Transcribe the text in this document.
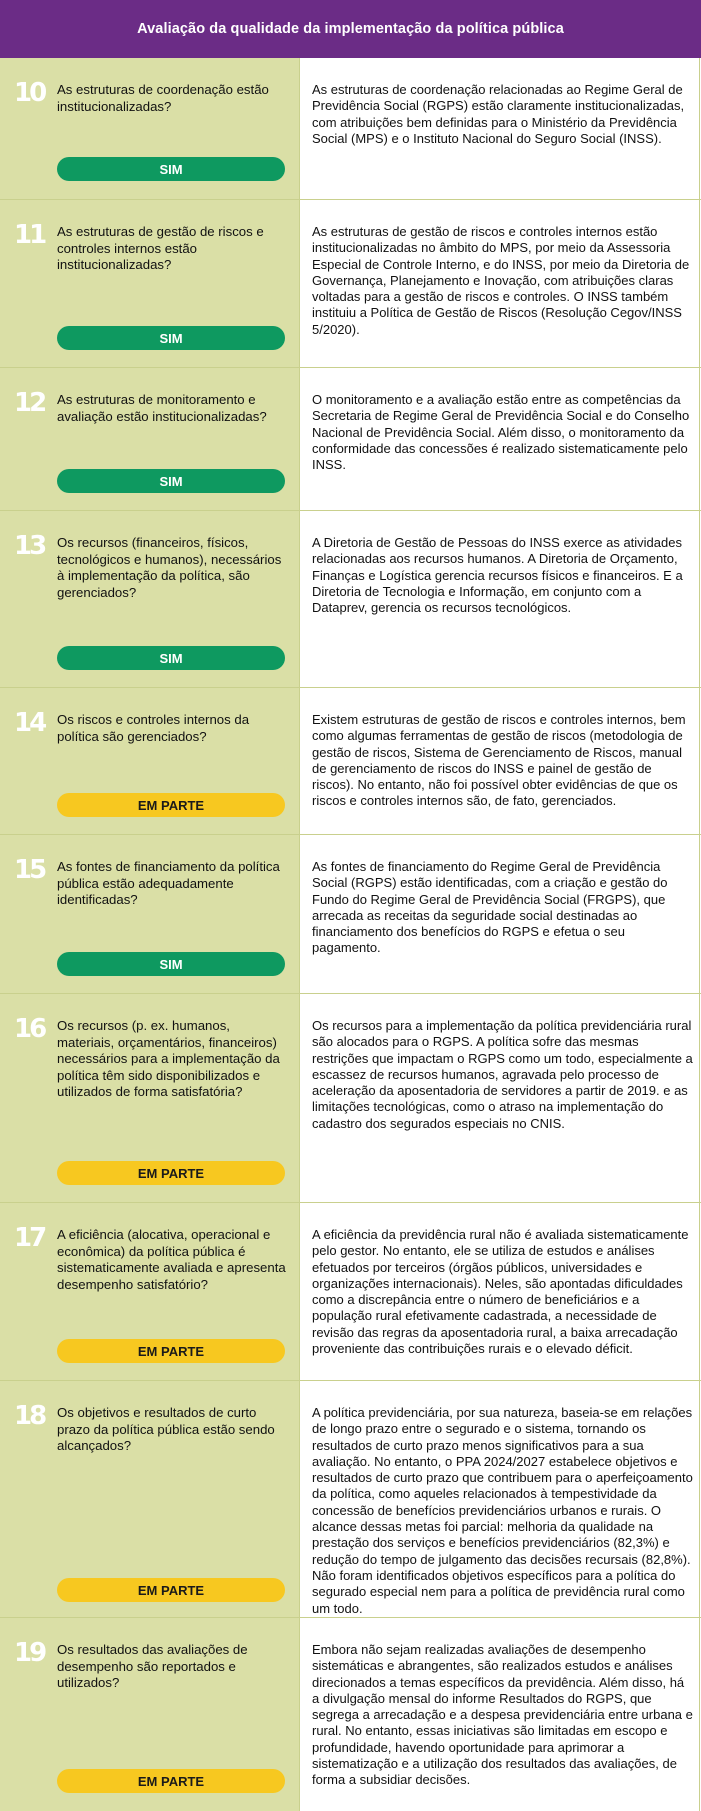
Avaliação da qualidade da implementação da política pública
10 As estruturas de coordenação estão institucionalizadas?
SIM
As estruturas de coordenação relacionadas ao Regime Geral de Previdência Social (RGPS) estão claramente institucionalizadas, com atribuições bem definidas para o Ministério da Previdência Social (MPS) e o Instituto Nacional do Seguro Social (INSS).
11 As estruturas de gestão de riscos e controles internos estão institucionalizadas?
SIM
As estruturas de gestão de riscos e controles internos estão institucionalizadas no âmbito do MPS, por meio da Assessoria Especial de Controle Interno, e do INSS, por meio da Diretoria de Governança, Planejamento e Inovação, com atribuições claras voltadas para a gestão de riscos e controles. O INSS também instituiu a Política de Gestão de Riscos (Resolução Cegov/INSS 5/2020).
12 As estruturas de monitoramento e avaliação estão institucionalizadas?
SIM
O monitoramento e a avaliação estão entre as competências da Secretaria de Regime Geral de Previdência Social e do Conselho Nacional de Previdência Social. Além disso, o monitoramento da conformidade das concessões é realizado sistematicamente pelo INSS.
13 Os recursos (financeiros, físicos, tecnológicos e humanos), necessários à implementação da política, são gerenciados?
SIM
A Diretoria de Gestão de Pessoas do INSS exerce as atividades relacionadas aos recursos humanos. A Diretoria de Orçamento, Finanças e Logística gerencia recursos físicos e financeiros. E a Diretoria de Tecnologia e Informação, em conjunto com a Dataprev, gerencia os recursos tecnológicos.
14 Os riscos e controles internos da política são gerenciados?
EM PARTE
Existem estruturas de gestão de riscos e controles internos, bem como algumas ferramentas de gestão de riscos (metodologia de gestão de riscos, Sistema de Gerenciamento de Riscos, manual de gerenciamento de riscos do INSS e painel de gestão de riscos). No entanto, não foi possível obter evidências de que os riscos e controles internos são, de fato, gerenciados.
15 As fontes de financiamento da política pública estão adequadamente identificadas?
SIM
As fontes de financiamento do Regime Geral de Previdência Social (RGPS) estão identificadas, com a criação e gestão do Fundo do Regime Geral de Previdência Social (FRGPS), que arrecada as receitas da seguridade social destinadas ao financiamento dos benefícios do RGPS e efetua o seu pagamento.
16 Os recursos (p. ex. humanos, materiais, orçamentários, financeiros) necessários para a implementação da política têm sido disponibilizados e utilizados de forma satisfatória?
EM PARTE
Os recursos para a implementação da política previdenciária rural são alocados para o RGPS. A política sofre das mesmas restrições que impactam o RGPS como um todo, especialmente a escassez de recursos humanos, agravada pelo processo de aceleração da aposentadoria de servidores a partir de 2019. e as limitações tecnológicas, como o atraso na implementação do cadastro dos segurados especiais no CNIS.
17 A eficiência (alocativa, operacional e econômica) da política pública é sistematicamente avaliada e apresenta desempenho satisfatório?
EM PARTE
A eficiência da previdência rural não é avaliada sistematicamente pelo gestor. No entanto, ele se utiliza de estudos e análises efetuados por terceiros (órgãos públicos, universidades e organizações internacionais). Neles, são apontadas dificuldades como a discrepância entre o número de beneficiários e a população rural efetivamente cadastrada, a necessidade de revisão das regras da aposentadoria rural, a baixa arrecadação proveniente das contribuições rurais e o elevado déficit.
18 Os objetivos e resultados de curto prazo da política pública estão sendo alcançados?
EM PARTE
A política previdenciária, por sua natureza, baseia-se em relações de longo prazo entre o segurado e o sistema, tornando os resultados de curto prazo menos significativos para a sua avaliação. No entanto, o PPA 2024/2027 estabelece objetivos e resultados de curto prazo que contribuem para o aperfeiçoamento da política, como aqueles relacionados à tempestividade da concessão de benefícios previdenciários urbanos e rurais. O alcance dessas metas foi parcial: melhoria da qualidade na prestação dos serviços e benefícios previdenciários (82,3%) e redução do tempo de julgamento das decisões recursais (82,8%). Não foram identificados objetivos específicos para a política do segurado especial nem para a política de previdência rural como um todo.
19 Os resultados das avaliações de desempenho são reportados e utilizados?
EM PARTE
Embora não sejam realizadas avaliações de desempenho sistemáticas e abrangentes, são realizados estudos e análises direcionados a temas específicos da previdência. Além disso, há a divulgação mensal do informe Resultados do RGPS, que segrega a arrecadação e a despesa previdenciária entre urbana e rural. No entanto, essas iniciativas são limitadas em escopo e profundidade, havendo oportunidade para aprimorar a sistematização e a utilização dos resultados das avaliações, de forma a subsidiar decisões.
